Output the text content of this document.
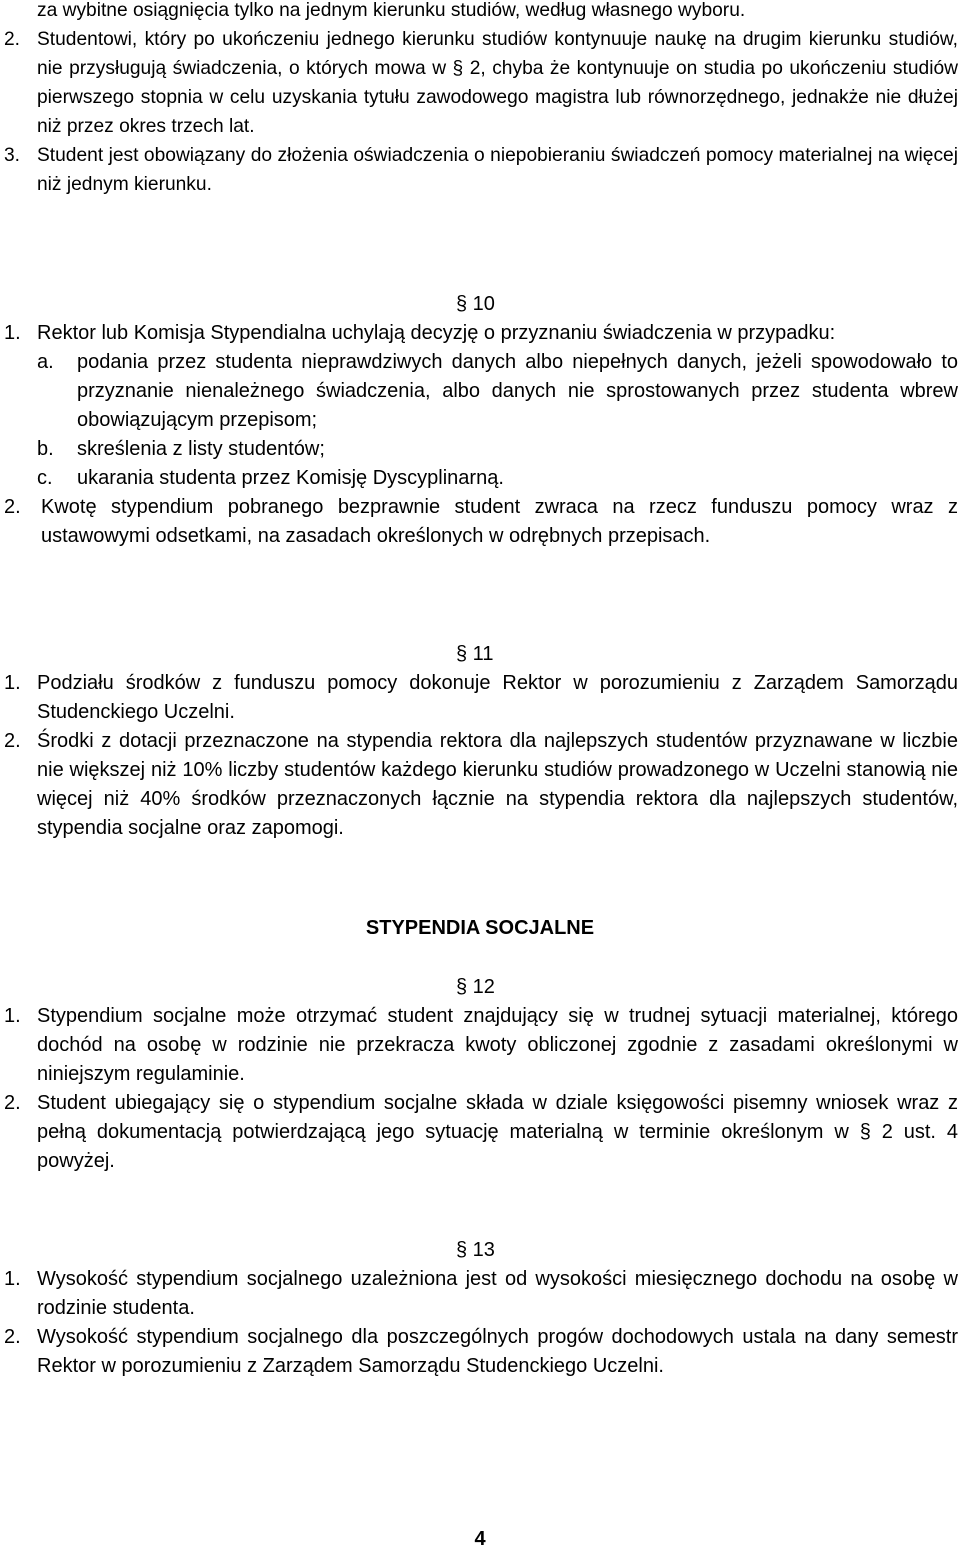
za wybitne osiągnięcia tylko na jednym kierunku studiów, według własnego wyboru.
2. Studentowi, który po ukończeniu jednego kierunku studiów kontynuuje naukę na drugim kierunku studiów, nie przysługują świadczenia, o których mowa w § 2, chyba że kontynuuje on studia po ukończeniu studiów pierwszego stopnia w celu uzyskania tytułu zawodowego magistra lub równorzędnego, jednakże nie dłużej niż przez okres trzech lat.
3. Student jest obowiązany do złożenia oświadczenia o niepobieraniu świadczeń pomocy materialnej na więcej niż jednym kierunku.
§ 10
1. Rektor lub Komisja Stypendialna uchylają decyzję o przyznaniu świadczenia w przypadku:
a. podania przez studenta nieprawdziwych danych albo niepełnych danych, jeżeli spowodowało to przyznanie nienależnego świadczenia, albo danych nie sprostowanych przez studenta wbrew obowiązującym przepisom;
b. skreślenia z listy studentów;
c. ukarania studenta przez Komisję Dyscyplinarną.
2. Kwotę stypendium pobranego bezprawnie student zwraca na rzecz funduszu pomocy wraz z ustawowymi odsetkami, na zasadach określonych w odrębnych przepisach.
§ 11
1. Podziału środków z funduszu pomocy dokonuje Rektor w porozumieniu z Zarządem Samorządu Studenckiego Uczelni.
2. Środki z dotacji przeznaczone na stypendia rektora dla najlepszych studentów przyznawane w liczbie nie większej niż 10% liczby studentów każdego kierunku studiów prowadzonego w Uczelni stanowią nie więcej niż 40% środków przeznaczonych łącznie na stypendia rektora dla najlepszych studentów, stypendia socjalne oraz zapomogi.
STYPENDIA SOCJALNE
§ 12
1. Stypendium socjalne może otrzymać student znajdujący się w trudnej sytuacji materialnej, którego dochód na osobę w rodzinie nie przekracza kwoty obliczonej zgodnie z zasadami określonymi w niniejszym regulaminie.
2. Student ubiegający się o stypendium socjalne składa w dziale księgowości pisemny wniosek wraz z pełną dokumentacją potwierdzającą jego sytuację materialną w terminie określonym w § 2 ust. 4 powyżej.
§ 13
1. Wysokość stypendium socjalnego uzależniona jest od wysokości miesięcznego dochodu na osobę w rodzinie studenta.
2. Wysokość stypendium socjalnego dla poszczególnych progów dochodowych ustala na dany semestr Rektor w porozumieniu z Zarządem Samorządu Studenckiego Uczelni.
4
